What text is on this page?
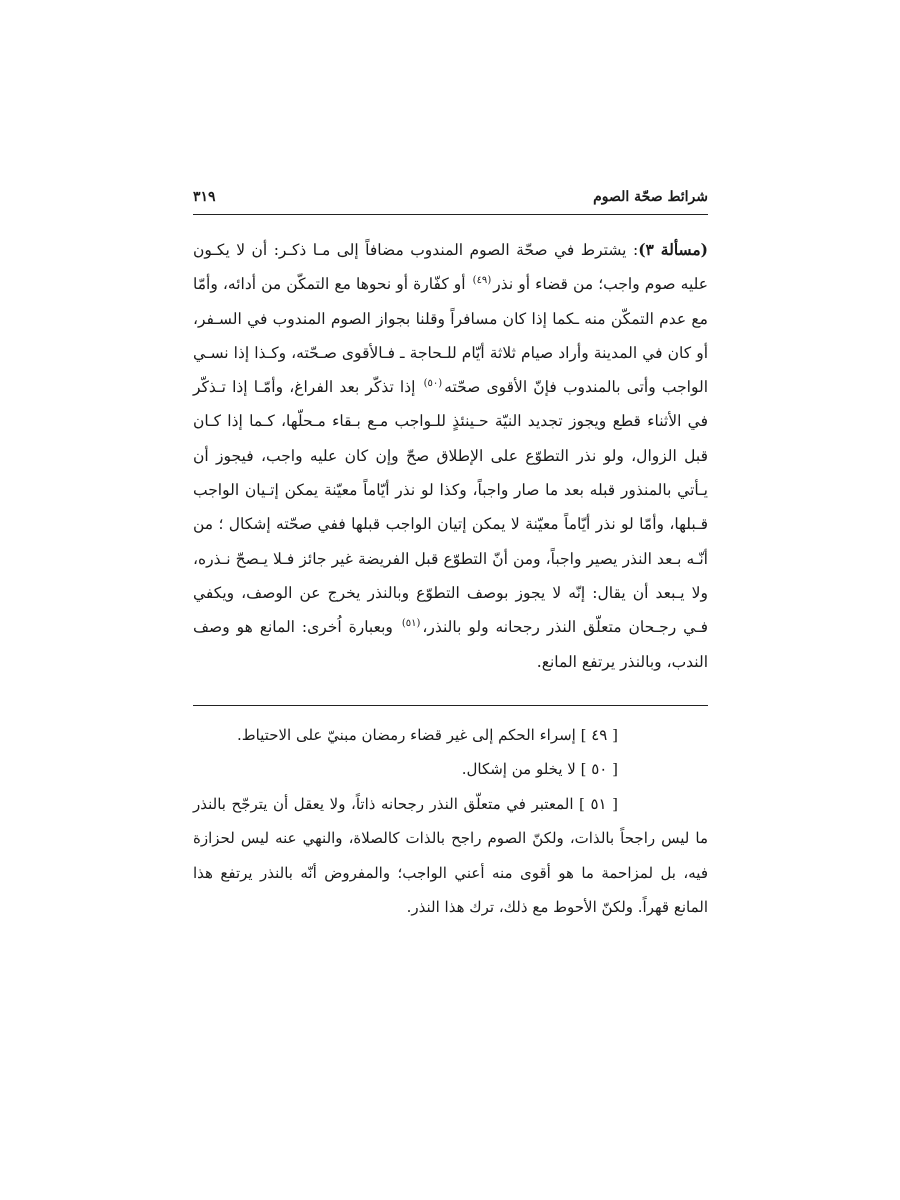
شرائط صحّة الصوم
٣١٩

(مسألة ٣): يشترط في صحّة الصوم المندوب مضافاً إلى مـا ذكـر: أن لا يكـون عليه صوم واجب؛ من قضاء أو نذر$^{(٤٩)}$ أو كفّارة أو نحوها مع التمكّن من أدائه، وأمّا مع عدم التمكّن منه ـكما إذا كان مسافراً وقلنا بجواز الصوم المندوب في السـفر، أو كان في المدينة وأراد صيام ثلاثة أيّام للـحاجة ـ فـالأقوى صـحّته، وكـذا إذا نسـي الواجب وأتى بالمندوب فإنّ الأقوى صحّته$^{(٥٠)}$ إذا تذكّر بعد الفراغ، وأمّـا إذا تـذكّر في الأثناء قطع ويجوز تجديد النيّة حـينئذٍ للـواجب مـع بـقاء مـحلّها، كـما إذا كـان قبل الزوال، ولو نذر التطوّع على الإطلاق صحّ وإن كان عليه واجب، فيجوز أن يـأتي بالمنذور قبله بعد ما صار واجباً، وكذا لو نذر أيّاماً معيّنة يمكن إتـيان الواجب قـبلها، وأمّا لو نذر أيّاماً معيّنة لا يمكن إتيان الواجب قبلها ففي صحّته إشكال ؛ من أنّـه بـعد النذر يصير واجباً، ومن أنّ التطوّع قبل الفريضة غير جائز فـلا يـصحّ نـذره، ولا يـبعد أن يقال: إنّه لا يجوز بوصف التطوّع وبالنذر يخرج عن الوصف، ويكفي فـي رجـحان متعلّق النذر رجحانه ولو بالنذر،$^{(٥١)}$ وبعبارة اُخرى: المانع هو وصف الندب، وبالنذر يرتفع المانع.

[ ٤٩ ] إسراء الحكم إلى غير قضاء رمضان مبنيّ على الاحتياط.

[ ٥٠ ] لا يخلو من إشكال.

[ ٥١ ] المعتبر في متعلّق النذر رجحانه ذاتاً، ولا يعقل أن يترجّح بالنذر ما ليس راجحاً بالذات، ولكنّ الصوم راجح بالذات كالصلاة، والنهي عنه ليس لحزازة فيه، بل لمزاحمة ما هو أقوى منه أعني الواجب؛ والمفروض أنّه بالنذر يرتفع هذا المانع قهراً. ولكنّ الأحوط مع ذلك، ترك هذا النذر.
